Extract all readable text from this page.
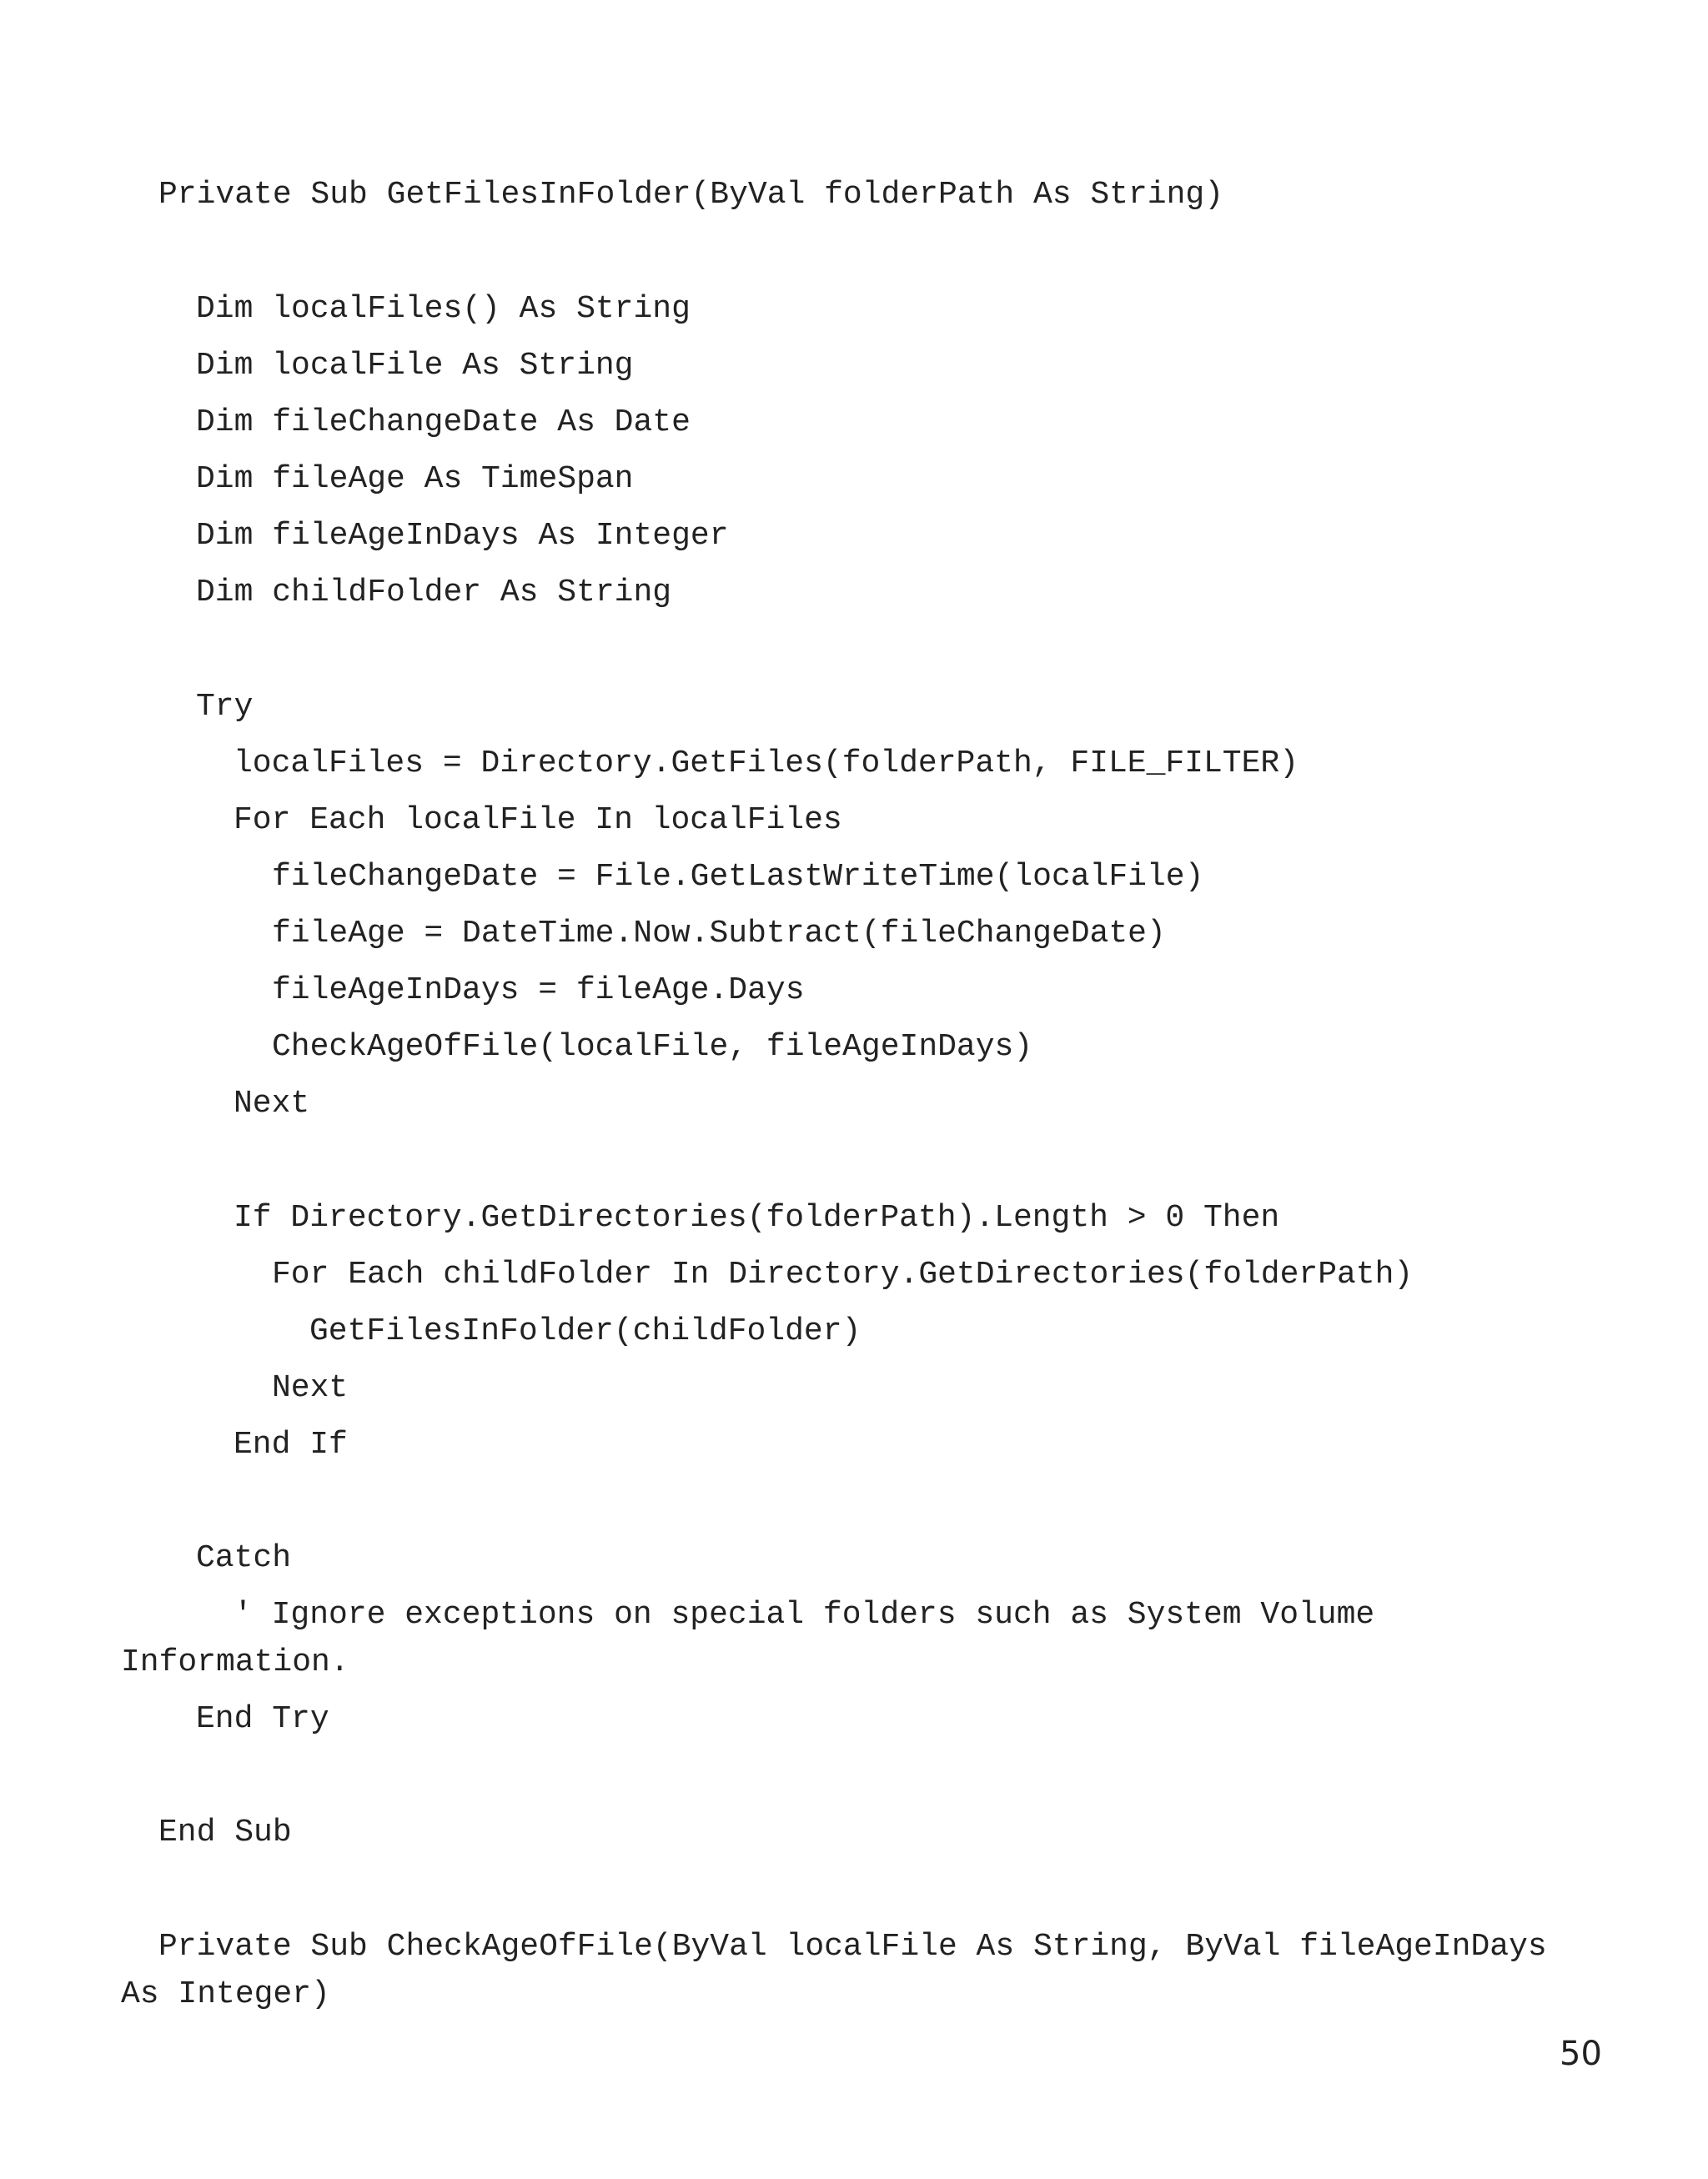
Private Sub GetFilesInFolder(ByVal folderPath As String)
Dim localFiles() As String
Dim localFile As String
Dim fileChangeDate As Date
Dim fileAge As TimeSpan
Dim fileAgeInDays As Integer
Dim childFolder As String
Try
localFiles = Directory.GetFiles(folderPath, FILE_FILTER)
For Each localFile In localFiles
fileChangeDate = File.GetLastWriteTime(localFile)
fileAge = DateTime.Now.Subtract(fileChangeDate)
fileAgeInDays = fileAge.Days
CheckAgeOfFile(localFile, fileAgeInDays)
Next
If Directory.GetDirectories(folderPath).Length > 0 Then
For Each childFolder In Directory.GetDirectories(folderPath)
GetFilesInFolder(childFolder)
Next
End If
Catch
' Ignore exceptions on special folders such as System Volume
Information.
End Try
End Sub
Private Sub CheckAgeOfFile(ByVal localFile As String, ByVal fileAgeInDays
As Integer)
50
